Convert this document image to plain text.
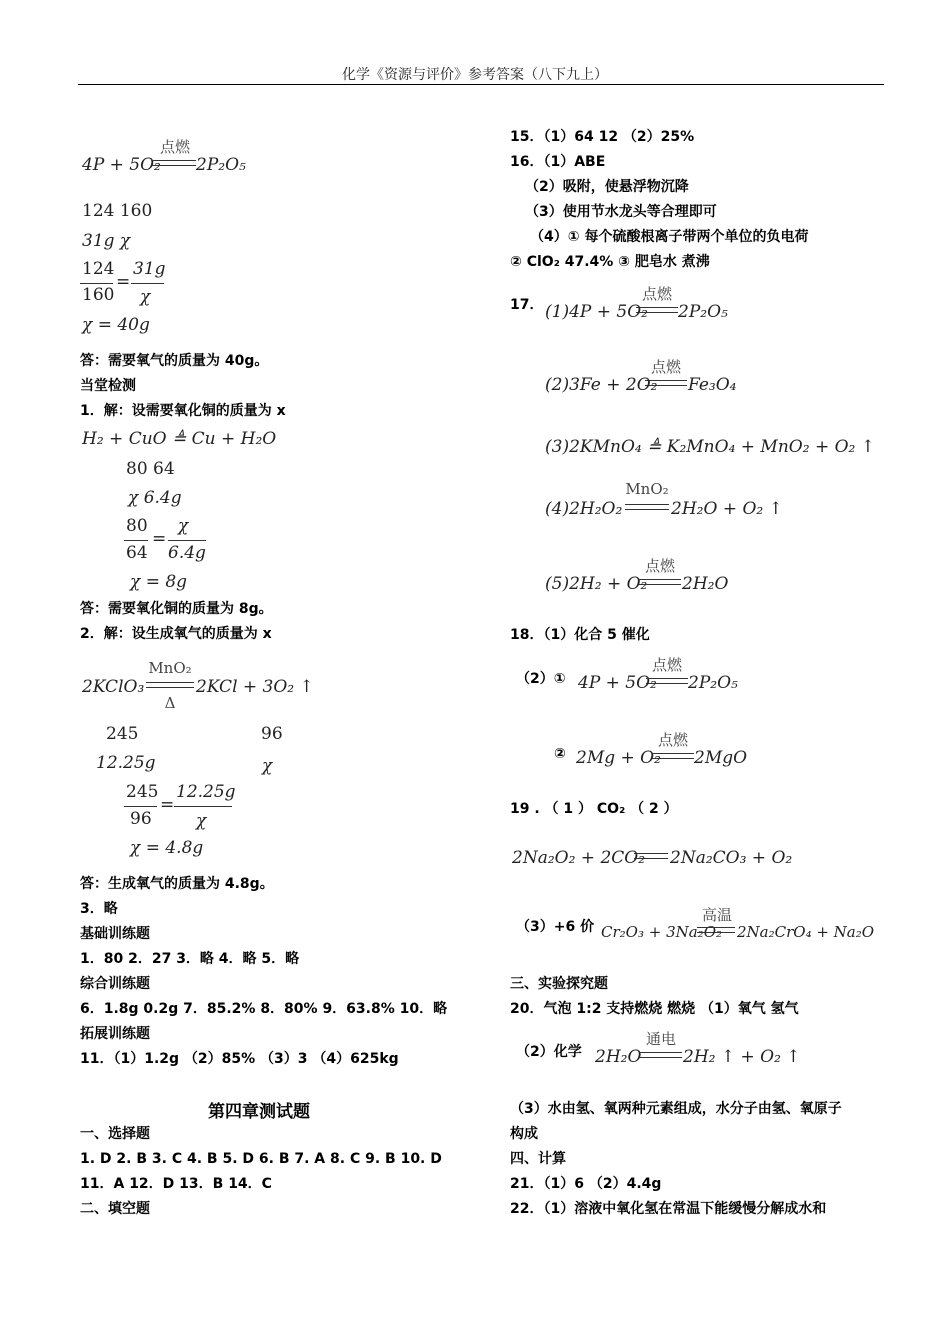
化学《资源与评价》参考答案（八下九上）
4P + 5O₂
点燃
2P₂O₅
124 160
31g χ
124
160
=
31g
χ
χ = 40g
答：需要氧气的质量为 40g。
当堂检测
1．解：设需要氧化铜的质量为 x
H₂ + CuO ≜ Cu + H₂O
80 64
χ 6.4g
80
64
=
χ
6.4g
χ = 8g
答：需要氧化铜的质量为 8g。
2．解：设生成氧气的质量为 x
2KClO₃
MnO₂
Δ
2KCl + 3O₂ ↑
245	96
12.25g	χ
245
96
=
12.25g
χ
χ = 4.8g
答：生成氧气的质量为 4.8g。
3．略
基础训练题
1．80 2．27 3．略 4．略 5．略
综合训练题
6．1.8g 0.2g 7．85.2% 8．80% 9．63.8% 10．略
拓展训练题
11．（1）1.2g （2）85% （3）3 （4）625kg
第四章测试题
一、选择题
1. D 2. B 3. C 4. B 5. D 6. B 7. A 8. C 9. B 10. D
11．A 12．D 13．B 14．C
二、填空题
15．（1）64 12 （2）25%
16．（1）ABE
（2）吸附，使悬浮物沉降
（3）使用节水龙头等合理即可
（4）① 每个硫酸根离子带两个单位的负电荷
② ClO₂ 47.4% ③ 肥皂水 煮沸
17． (1)4P + 5O₂
点燃
2P₂O₅
(2)3Fe + 2O₂
点燃
Fe₃O₄
(3)2KMnO₄ ≜ K₂MnO₄ + MnO₂ + O₂ ↑
(4)2H₂O₂
MnO₂
2H₂O + O₂ ↑
(5)2H₂ + O₂
点燃
2H₂O
18．（1）化合 5 催化
（2）① 4P + 5O₂
点燃
2P₂O₅
② 2Mg + O₂
点燃
2MgO
19 . （ 1 ） CO₂ （ 2 ）
2Na₂O₂ + 2CO₂ 2Na₂CO₃ + O₂
（3）+6 价 Cr₂O₃ + 3Na₂O₂
高温
2Na₂CrO₄ + Na₂O
三、实验探究题
20．气泡 1:2 支持燃烧 燃烧 （1）氧气 氢气
（2）化学 2H₂O
通电
2H₂ ↑ + O₂ ↑
（3）水由氢、氧两种元素组成，水分子由氢、氧原子
构成
四、计算
21．（1）6 （2）4.4g
22．（1）溶液中氧化氢在常温下能缓慢分解成水和
